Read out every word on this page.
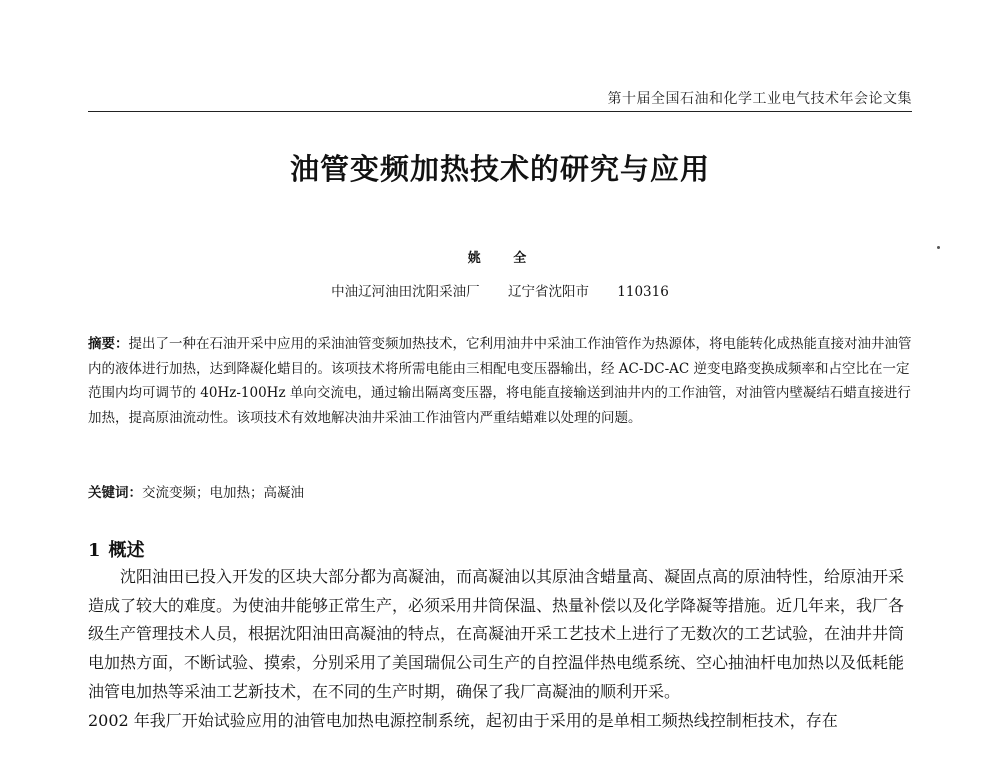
第十届全国石油和化学工业电气技术年会论文集
油管变频加热技术的研究与应用
姚 全
中油辽河油田沈阳采油厂 辽宁省沈阳市 110316
摘要：提出了一种在石油开采中应用的采油油管变频加热技术，它利用油井中采油工作油管作为热源体，将电能转化成热能直接对油井油管内的液体进行加热，达到降凝化蜡目的。该项技术将所需电能由三相配电变压器输出，经 AC-DC-AC 逆变电路变换成频率和占空比在一定范围内均可调节的 40Hz-100Hz 单向交流电，通过输出隔离变压器，将电能直接输送到油井内的工作油管，对油管内壁凝结石蜡直接进行加热，提高原油流动性。该项技术有效地解决油井采油工作油管内严重结蜡难以处理的问题。
关键词：交流变频；电加热；高凝油
1 概述

沈阳油田已投入开发的区块大部分都为高凝油，而高凝油以其原油含蜡量高、凝固点高的原油特性，给原油开采造成了较大的难度。为使油井能够正常生产，必须采用井筒保温、热量补偿以及化学降凝等措施。近几年来，我厂各级生产管理技术人员，根据沈阳油田高凝油的特点，在高凝油开采工艺技术上进行了无数次的工艺试验，在油井井筒电加热方面，不断试验、摸索，分别采用了美国瑞侃公司生产的自控温伴热电缆系统、空心抽油杆电加热以及低耗能油管电加热等采油工艺新技术，在不同的生产时期，确保了我厂高凝油的顺利开采。

2002 年我厂开始试验应用的油管电加热电源控制系统，起初由于采用的是单相工频热线控制柜技术，存在
